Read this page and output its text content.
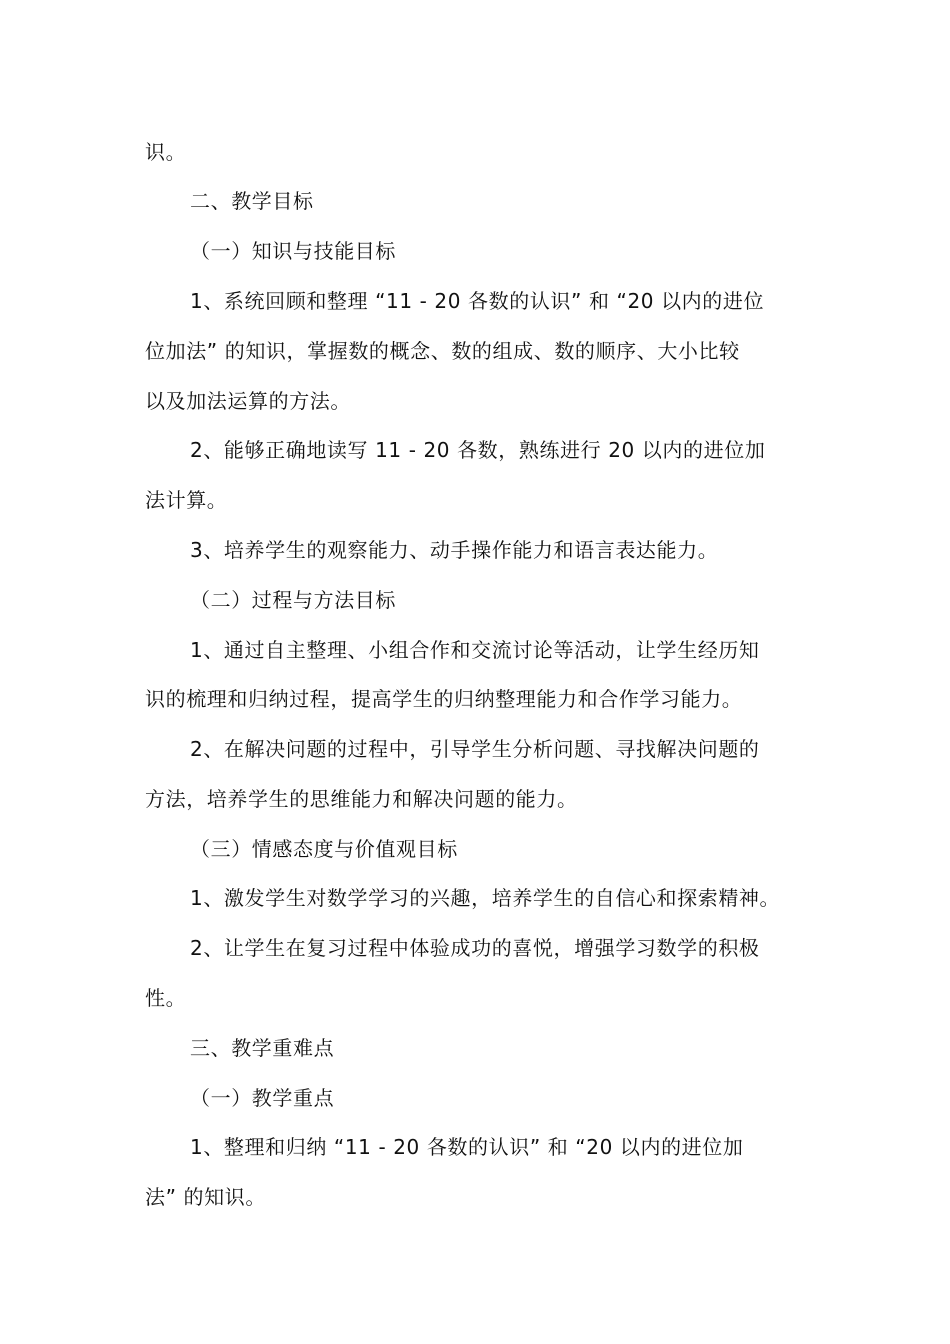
识。
二、教学目标
（一）知识与技能目标
1、系统回顾和整理 “11 - 20 各数的认识” 和 “20 以内的进位
位加法” 的知识，掌握数的概念、数的组成、数的顺序、大小比较
以及加法运算的方法。
2、能够正确地读写 11 - 20 各数，熟练进行 20 以内的进位加
法计算。
3、培养学生的观察能力、动手操作能力和语言表达能力。
（二）过程与方法目标
1、通过自主整理、小组合作和交流讨论等活动，让学生经历知
识的梳理和归纳过程，提高学生的归纳整理能力和合作学习能力。
2、在解决问题的过程中，引导学生分析问题、寻找解决问题的
方法，培养学生的思维能力和解决问题的能力。
（三）情感态度与价值观目标
1、激发学生对数学学习的兴趣，培养学生的自信心和探索精神。
2、让学生在复习过程中体验成功的喜悦，增强学习数学的积极
性。
三、教学重难点
（一）教学重点
1、整理和归纳 “11 - 20 各数的认识” 和 “20 以内的进位加
法” 的知识。
